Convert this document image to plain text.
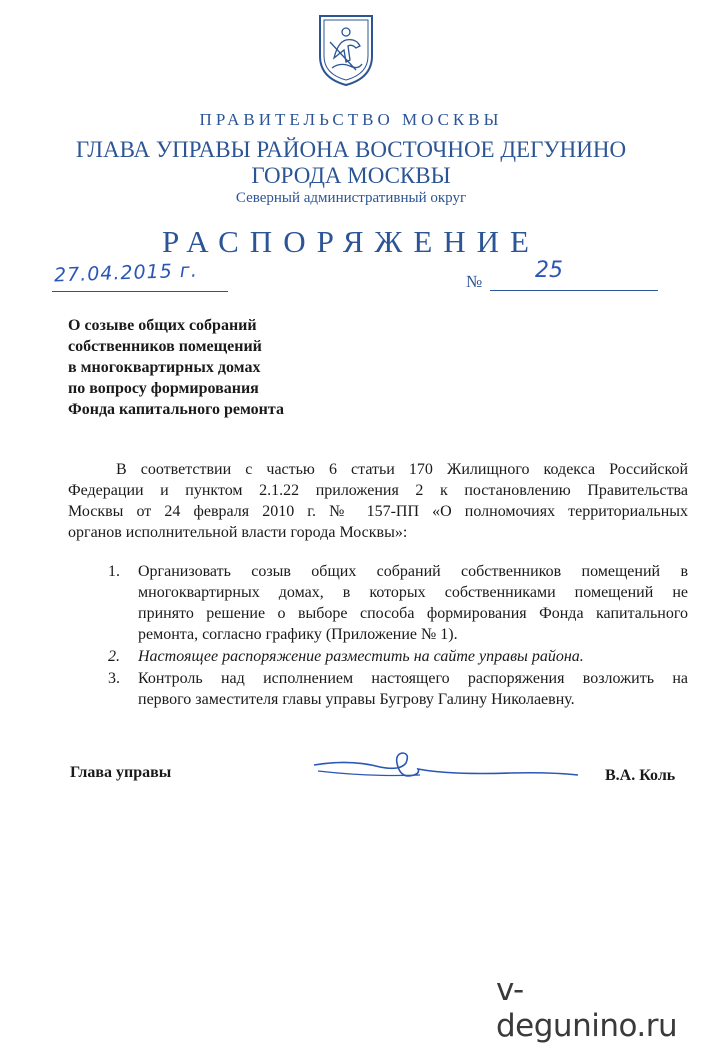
ПРАВИТЕЛЬСТВО МОСКВЫ
ГЛАВА УПРАВЫ РАЙОНА ВОСТОЧНОЕ ДЕГУНИНО
ГОРОДА МОСКВЫ
Северный административный округ
РАСПОРЯЖЕНИЕ
27.04.2015 г.	№ 25
О созыве общих собраний
собственников помещений
в многоквартирных домах
по вопросу формирования
Фонда капитального ремонта
В соответствии с частью 6 статьи 170 Жилищного кодекса Российской
Федерации и пунктом 2.1.22 приложения 2 к постановлению Правительства
Москвы от 24 февраля 2010 г. № 157-ПП «О полномочиях территориальных
органов исполнительной власти города Москвы»:
1. Организовать созыв общих собраний собственников помещений в
многоквартирных домах, в которых собственниками помещений не
принято решение о выборе способа формирования Фонда капитального
ремонта, согласно графику (Приложение № 1).
2. Настоящее распоряжение разместить на сайте управы района.
3. Контроль над исполнением настоящего распоряжения возложить на
первого заместителя главы управы Бугрову Галину Николаевну.
Глава управы	В.А. Коль
v-degunino.ru
